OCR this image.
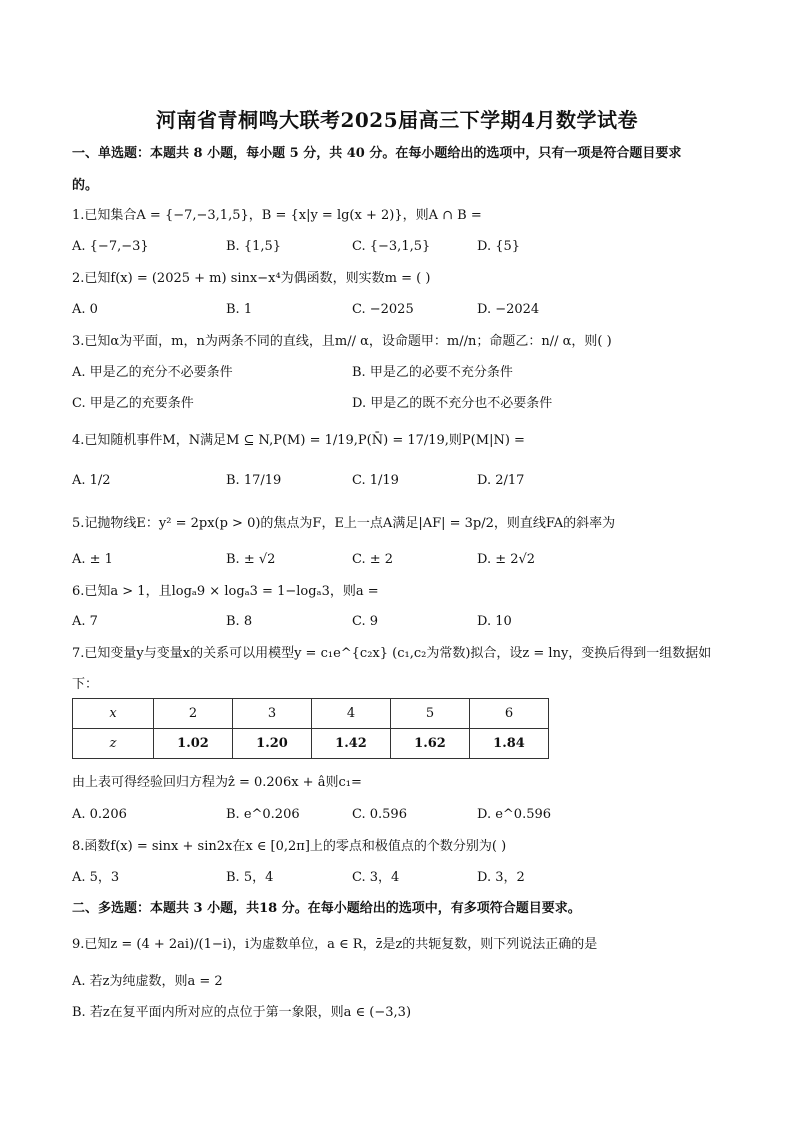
河南省青桐鸣大联考2025届高三下学期4月数学试卷
一、单选题：本题共 8 小题，每小题 5 分，共 40 分。在每小题给出的选项中，只有一项是符合题目要求
的。
1.已知集合A = {−7,−3,1,5}，B = {x|y = lg(x + 2)}，则A ∩ B =
A. {−7,−3}	B. {1,5}	C. {−3,1,5}	D. {5}
2.已知f(x) = (2025 + m) sinx−x⁴为偶函数，则实数m = ( )
A. 0	B. 1	C. −2025	D. −2024
3.已知α为平面，m，n为两条不同的直线，且m// α，设命题甲：m//n；命题乙：n// α，则( )
A. 甲是乙的充分不必要条件	B. 甲是乙的必要不充分条件
C. 甲是乙的充要条件	D. 甲是乙的既不充分也不必要条件
4.已知随机事件M，N满足M ⊆ N,P(M) = 1/19,P(N̄) = 17/19,则P(M|N) =
A. 1/2	B. 17/19	C. 1/19	D. 2/17
5.记抛物线E：y² = 2px(p > 0)的焦点为F，E上一点A满足|AF| = 3p/2，则直线FA的斜率为
A. ± 1	B. ± √2	C. ± 2	D. ± 2√2
6.已知a > 1，且logₐ9 × logₐ3 = 1−logₐ3，则a =
A. 7	B. 8	C. 9	D. 10
7.已知变量y与变量x的关系可以用模型y = c₁e^{c₂x} (c₁,c₂为常数)拟合，设z = lny，变换后得到一组数据如
下：
x	2	3	4	5	6
z	1.02	1.20	1.42	1.62	1.84
由上表可得经验回归方程为ẑ = 0.206x + â则c₁=
A. 0.206	B. e^0.206	C. 0.596	D. e^0.596
8.函数f(x) = sinx + sin2x在x ∈ [0,2π]上的零点和极值点的个数分别为( )
A. 5，3	B. 5，4	C. 3，4	D. 3，2
二、多选题：本题共 3 小题，共18 分。在每小题给出的选项中，有多项符合题目要求。
9.已知z = (4 + 2ai)/(1−i)，i为虚数单位，a ∈ R，z̄是z的共轭复数，则下列说法正确的是
A. 若z为纯虚数，则a = 2
B. 若z在复平面内所对应的点位于第一象限，则a ∈ (−3,3)
